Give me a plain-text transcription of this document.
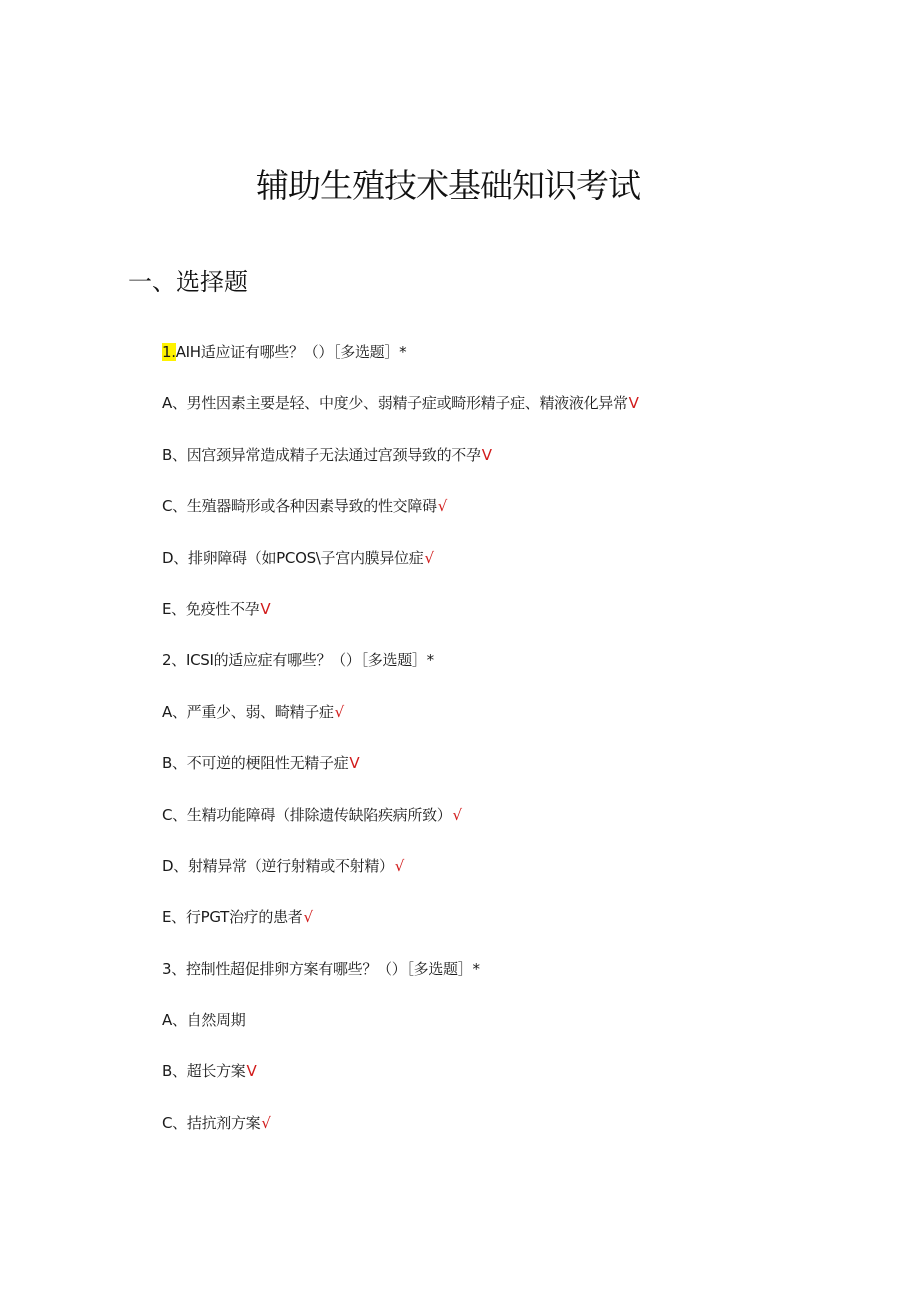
辅助生殖技术基础知识考试
一、选择题
1.AIH适应证有哪些？（）［多选题］*
A、男性因素主要是轻、中度少、弱精子症或畸形精子症、精液液化异常V
B、因宫颈异常造成精子无法通过宫颈导致的不孕V
C、生殖器畸形或各种因素导致的性交障碍√
D、排卵障碍（如PCOS\子宫内膜异位症√
E、免疫性不孕V
2、ICSI的适应症有哪些？（）［多选题］*
A、严重少、弱、畸精子症√
B、不可逆的梗阻性无精子症V
C、生精功能障碍（排除遗传缺陷疾病所致）√
D、射精异常（逆行射精或不射精）√
E、行PGT治疗的患者√
3、控制性超促排卵方案有哪些？（）［多选题］*
A、自然周期
B、超长方案V
C、拮抗剂方案√
